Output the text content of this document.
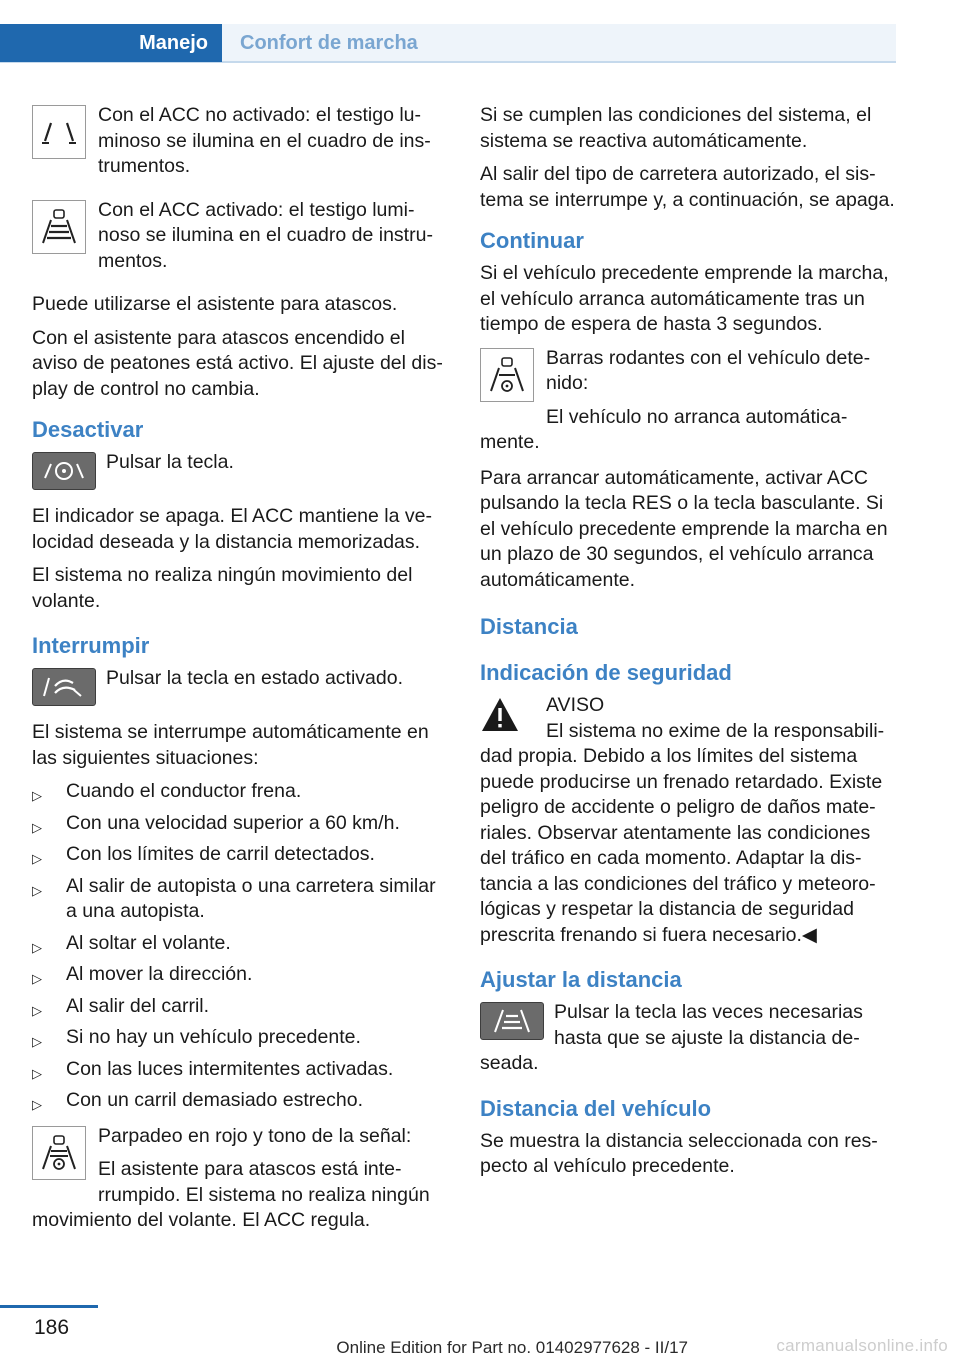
Manejo	Confort de marcha

Con el ACC no activado: el testigo lu‐ minoso se ilumina en el cuadro de ins‐ trumentos.

Con el ACC activado: el testigo lumi‐ noso se ilumina en el cuadro de instru‐ mentos.

Puede utilizarse el asistente para atascos.

Con el asistente para atascos encendido el aviso de peatones está activo. El ajuste del dis‐ play de control no cambia.

Desactivar

Pulsar la tecla.

El indicador se apaga. El ACC mantiene la ve‐ locidad deseada y la distancia memorizadas.

El sistema no realiza ningún movimiento del volante.

Interrumpir

Pulsar la tecla en estado activado.

El sistema se interrumpe automáticamente en las siguientes situaciones:

▷ Cuando el conductor frena.
▷ Con una velocidad superior a 60 km/h.
▷ Con los límites de carril detectados.
▷ Al salir de autopista o una carretera similar a una autopista.
▷ Al soltar el volante.
▷ Al mover la dirección.
▷ Al salir del carril.
▷ Si no hay un vehículo precedente.
▷ Con las luces intermitentes activadas.
▷ Con un carril demasiado estrecho.

Parpadeo en rojo y tono de la señal:

El asistente para atascos está inte‐ rrumpido. El sistema no realiza ningún movimiento del volante. El ACC regula.

Si se cumplen las condiciones del sistema, el sistema se reactiva automáticamente.

Al salir del tipo de carretera autorizado, el sis‐ tema se interrumpe y, a continuación, se apaga.

Continuar

Si el vehículo precedente emprende la marcha, el vehículo arranca automáticamente tras un tiempo de espera de hasta 3 segundos.

Barras rodantes con el vehículo dete‐ nido:

El vehículo no arranca automática‐ mente.

Para arrancar automáticamente, activar ACC pulsando la tecla RES o la tecla basculante. Si el vehículo precedente emprende la marcha en un plazo de 30 segundos, el vehículo arranca automáticamente.

Distancia
Indicación de seguridad

AVISO

El sistema no exime de la responsabili‐ dad propia. Debido a los límites del sistema puede producirse un frenado retardado. Existe peligro de accidente o peligro de daños mate‐ riales. Observar atentamente las condiciones del tráfico en cada momento. Adaptar la dis‐ tancia a las condiciones del tráfico y meteoro‐ lógicas y respetar la distancia de seguridad prescrita frenando si fuera necesario.◀

Ajustar la distancia

Pulsar la tecla las veces necesarias hasta que se ajuste la distancia de‐ seada.

Distancia del vehículo

Se muestra la distancia seleccionada con res‐ pecto al vehículo precedente.

186
Online Edition for Part no. 01402977628 - II/17	carmanualsonline.info
